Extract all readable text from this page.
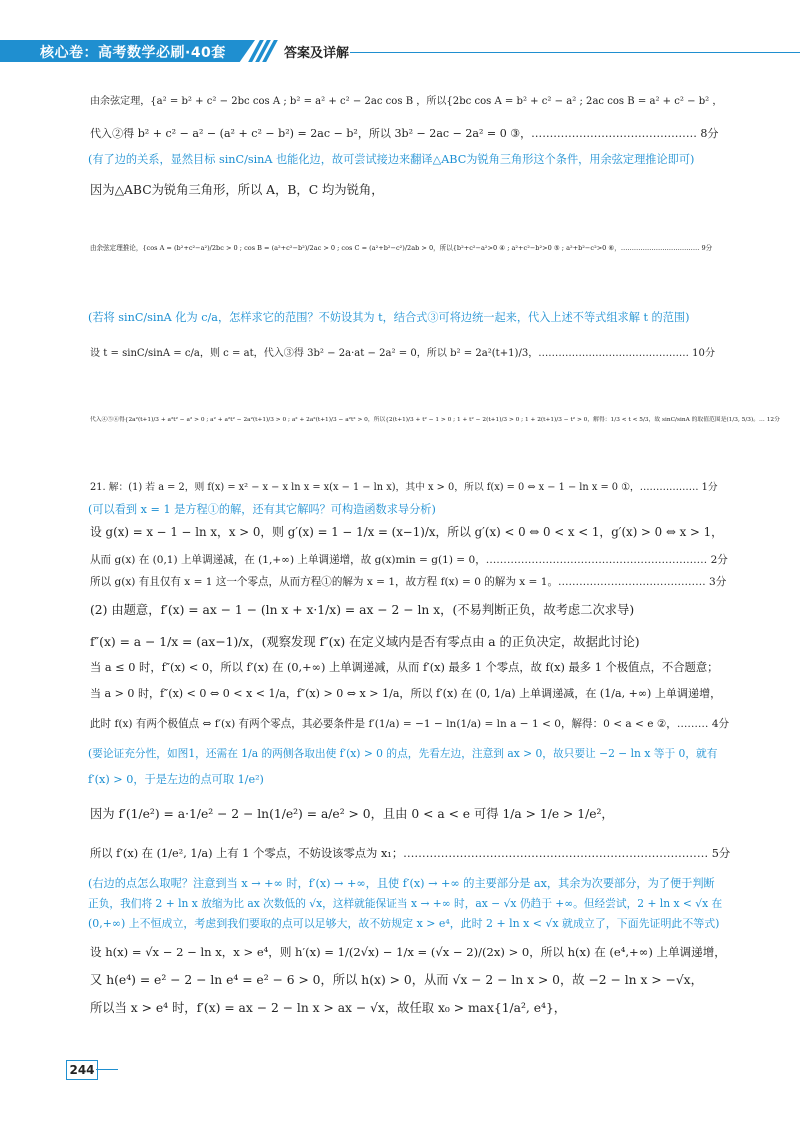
核心卷：高考数学必刷·40套	答案及详解
由余弦定理，{a² = b² + c² − 2bc cos A ; b² = a² + c² − 2ac cos B ，所以{2bc cos A = b² + c² − a² ; 2ac cos B = a² + c² − b² ，
代入②得 b² + c² − a² − (a² + c² − b²) = 2ac − b²，所以 3b² − 2ac − 2a² = 0 ③，……………………………………… 8分
(有了边的关系，显然目标 sinC/sinA 也能化边，故可尝试接边来翻译△ABC为锐角三角形这个条件，用余弦定理推论即可)
因为△ABC为锐角三角形，所以 A，B，C 均为锐角，
由余弦定理推论，{cos A = (b²+c²−a²)/2bc > 0 ; cos B = (a²+c²−b²)/2ac > 0 ; cos C = (a²+b²−c²)/2ab > 0，所以{b²+c²−a²>0 ④ ; a²+c²−b²>0 ⑤ ; a²+b²−c²>0 ⑥，……………………………… 9分
(若将 sinC/sinA 化为 c/a，怎样求它的范围？不妨设其为 t，结合式③可将边统一起来，代入上述不等式组求解 t 的范围)
设 t = sinC/sinA = c/a，则 c = at，代入③得 3b² − 2a·at − 2a² = 0，所以 b² = 2a²(t+1)/3，……………………………………… 10分
代入④⑤⑥得{2a²(t+1)/3 + a²t² − a² > 0 ; a² + a²t² − 2a²(t+1)/3 > 0 ; a² + 2a²(t+1)/3 − a²t² > 0，所以{2(t+1)/3 + t² − 1 > 0 ; 1 + t² − 2(t+1)/3 > 0 ; 1 + 2(t+1)/3 − t² > 0，解得：1/3 < t < 5/3，故 sinC/sinA 的取值范围是(1/3, 5/3)。… 12分
21. 解：(1) 若 a = 2，则 f(x) = x² − x − x ln x = x(x − 1 − ln x)，其中 x > 0，所以 f(x) = 0 ⇔ x − 1 − ln x = 0 ①，……………… 1分
(可以看到 x = 1 是方程①的解，还有其它解吗？可构造函数求导分析)
设 g(x) = x − 1 − ln x，x > 0，则 g′(x) = 1 − 1/x = (x−1)/x，所以 g′(x) < 0 ⇔ 0 < x < 1，g′(x) > 0 ⇔ x > 1，
从而 g(x) 在 (0,1) 上单调递减，在 (1,+∞) 上单调递增，故 g(x)min = g(1) = 0，……………………………………………………… 2分
所以 g(x) 有且仅有 x = 1 这一个零点，从而方程①的解为 x = 1，故方程 f(x) = 0 的解为 x = 1。…………………………………… 3分
(2) 由题意，f′(x) = ax − 1 − (ln x + x·1/x) = ax − 2 − ln x，(不易判断正负，故考虑二次求导)
f″(x) = a − 1/x = (ax−1)/x，(观察发现 f″(x) 在定义域内是否有零点由 a 的正负决定，故据此讨论)
当 a ≤ 0 时，f″(x) < 0，所以 f′(x) 在 (0,+∞) 上单调递减，从而 f′(x) 最多 1 个零点，故 f(x) 最多 1 个极值点，不合题意；
当 a > 0 时，f″(x) < 0 ⇔ 0 < x < 1/a，f″(x) > 0 ⇔ x > 1/a，所以 f′(x) 在 (0, 1/a) 上单调递减，在 (1/a, +∞) 上单调递增，
此时 f(x) 有两个极值点 ⇔ f′(x) 有两个零点，其必要条件是 f′(1/a) = −1 − ln(1/a) = ln a − 1 < 0，解得：0 < a < e ②，……… 4分
(要论证充分性，如图1，还需在 1/a 的两侧各取出使 f′(x) > 0 的点，先看左边，注意到 ax > 0，故只要让 −2 − ln x 等于 0，就有
f′(x) > 0，于是左边的点可取 1/e²)
因为 f′(1/e²) = a·1/e² − 2 − ln(1/e²) = a/e² > 0，且由 0 < a < e 可得 1/a > 1/e > 1/e²，
所以 f′(x) 在 (1/e², 1/a) 上有 1 个零点，不妨设该零点为 x₁；……………………………………………………………………… 5分
(右边的点怎么取呢？注意到当 x → +∞ 时，f′(x) → +∞，且使 f′(x) → +∞ 的主要部分是 ax，其余为次要部分，为了便于判断
正负，我们将 2 + ln x 放缩为比 ax 次数低的 √x，这样就能保证当 x → +∞ 时，ax − √x 仍趋于 +∞。但经尝试，2 + ln x < √x 在
(0,+∞) 上不恒成立，考虑到我们要取的点可以足够大，故不妨规定 x > e⁴，此时 2 + ln x < √x 就成立了，下面先证明此不等式)
设 h(x) = √x − 2 − ln x，x > e⁴，则 h′(x) = 1/(2√x) − 1/x = (√x − 2)/(2x) > 0，所以 h(x) 在 (e⁴,+∞) 上单调递增，
又 h(e⁴) = e² − 2 − ln e⁴ = e² − 6 > 0，所以 h(x) > 0，从而 √x − 2 − ln x > 0，故 −2 − ln x > −√x，
所以当 x > e⁴ 时，f′(x) = ax − 2 − ln x > ax − √x，故任取 x₀ > max{1/a², e⁴}，
244
